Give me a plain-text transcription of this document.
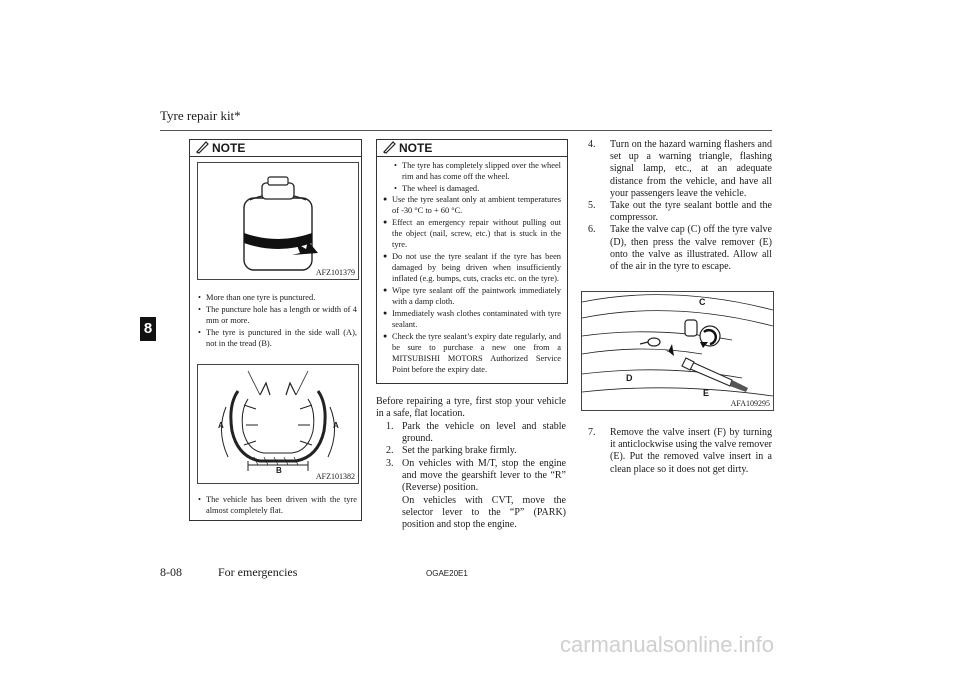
Tyre repair kit*
8
NOTE
AFZ101379
• More than one tyre is punctured.
• The puncture hole has a length or width of 4 mm or more.
• The tyre is punctured in the side wall (A), not in the tread (B).
A	A
B
AFZ101382
• The vehicle has been driven with the tyre almost completely flat.
NOTE
• The tyre has completely slipped over the wheel rim and has come off the wheel.
• The wheel is damaged.
● Use the tyre sealant only at ambient temperatures of -30 °C to + 60 °C.
● Effect an emergency repair without pulling out the object (nail, screw, etc.) that is stuck in the tyre.
● Do not use the tyre sealant if the tyre has been damaged by being driven when insufficiently inflated (e.g. bumps, cuts, cracks etc. on the tyre).
● Wipe tyre sealant off the paintwork immediately with a damp cloth.
● Immediately wash clothes contaminated with tyre sealant.
● Check the tyre sealant’s expiry date regularly, and be sure to purchase a new one from a MITSUBISHI MOTORS Authorized Service Point before the expiry date.
Before repairing a tyre, first stop your vehicle in a safe, flat location.
1. Park the vehicle on level and stable ground.
2. Set the parking brake firmly.
3. On vehicles with M/T, stop the engine and move the gearshift lever to the “R” (Reverse) position.
On vehicles with CVT, move the selector lever to the “P” (PARK) position and stop the engine.
4. Turn on the hazard warning flashers and set up a warning triangle, flashing signal lamp, etc., at an adequate distance from the vehicle, and have all your passengers leave the vehicle.
5. Take out the tyre sealant bottle and the compressor.
6. Take the valve cap (C) off the tyre valve (D), then press the valve remover (E) onto the valve as illustrated. Allow all of the air in the tyre to escape.
C
D
E
AFA109295
7. Remove the valve insert (F) by turning it anticlockwise using the valve remover (E). Put the removed valve insert in a clean place so it does not get dirty.
8-08	For emergencies	OGAE20E1
carmanualsonline.info
